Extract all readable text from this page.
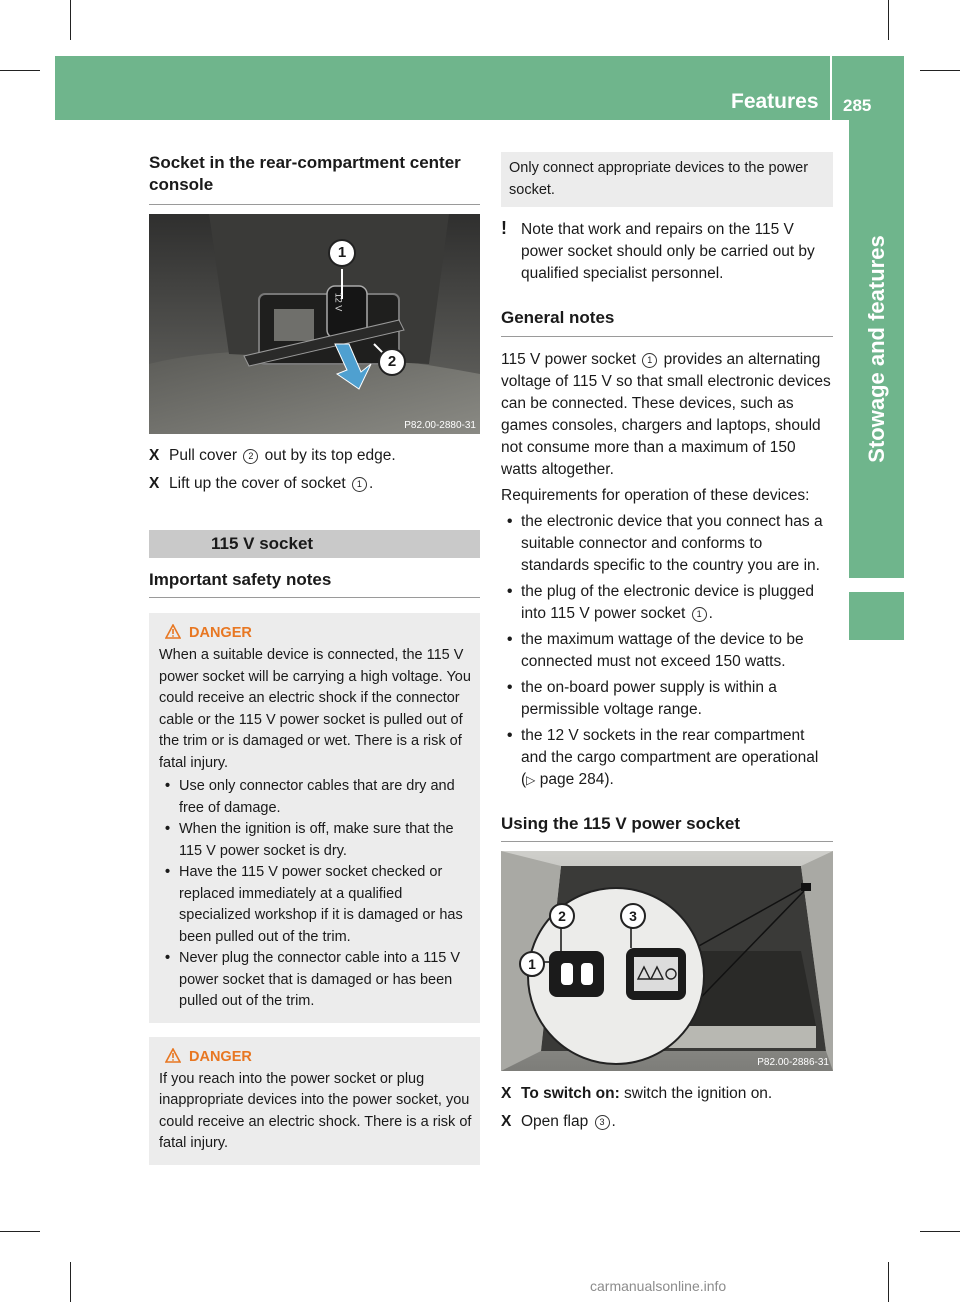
Features 285
Stowage and features
Socket in the rear-compartment center console
12 V
1
2
P82.00-2880-31
X Pull cover 2 out by its top edge.
X Lift up the cover of socket 1 .
115 V socket
Important safety notes
DANGER

When a suitable device is connected, the 115 V power socket will be carrying a high voltage. You could receive an electric shock if the connector cable or the 115 V power socket is pulled out of the trim or is damaged or wet. There is a risk of fatal injury.

• Use only connector cables that are dry and free of damage.
• When the ignition is off, make sure that the 115 V power socket is dry.
• Have the 115 V power socket checked or replaced immediately at a qualified specialized workshop if it is damaged or has been pulled out of the trim.
• Never plug the connector cable into a 115 V power socket that is damaged or has been pulled out of the trim.
DANGER

If you reach into the power socket or plug inappropriate devices into the power socket, you could receive an electric shock. There is a risk of fatal injury.

Only connect appropriate devices to the power socket.

! Note that work and repairs on the 115 V power socket should only be carried out by qualified specialist personnel.

General notes

115 V power socket 1 provides an alternating voltage of 115 V so that small electronic devices can be connected. These devices, such as games consoles, chargers and laptops, should not consume more than a maximum of 150 watts altogether.

Requirements for operation of these devices:

• the electronic device that you connect has a suitable connector and conforms to standards specific to the country you are in.
• the plug of the electronic device is plugged into 115 V power socket 1 .
• the maximum wattage of the device to be connected must not exceed 150 watts.
• the on-board power supply is within a permissible voltage range.
• the 12 V sockets in the rear compartment and the cargo compartment are operational (▷ page 284).
Using the 115 V power socket
1
2	3
P82.00-2886-31
X To switch on: switch the ignition on.
X Open flap 3 .
carmanualsonline.info
